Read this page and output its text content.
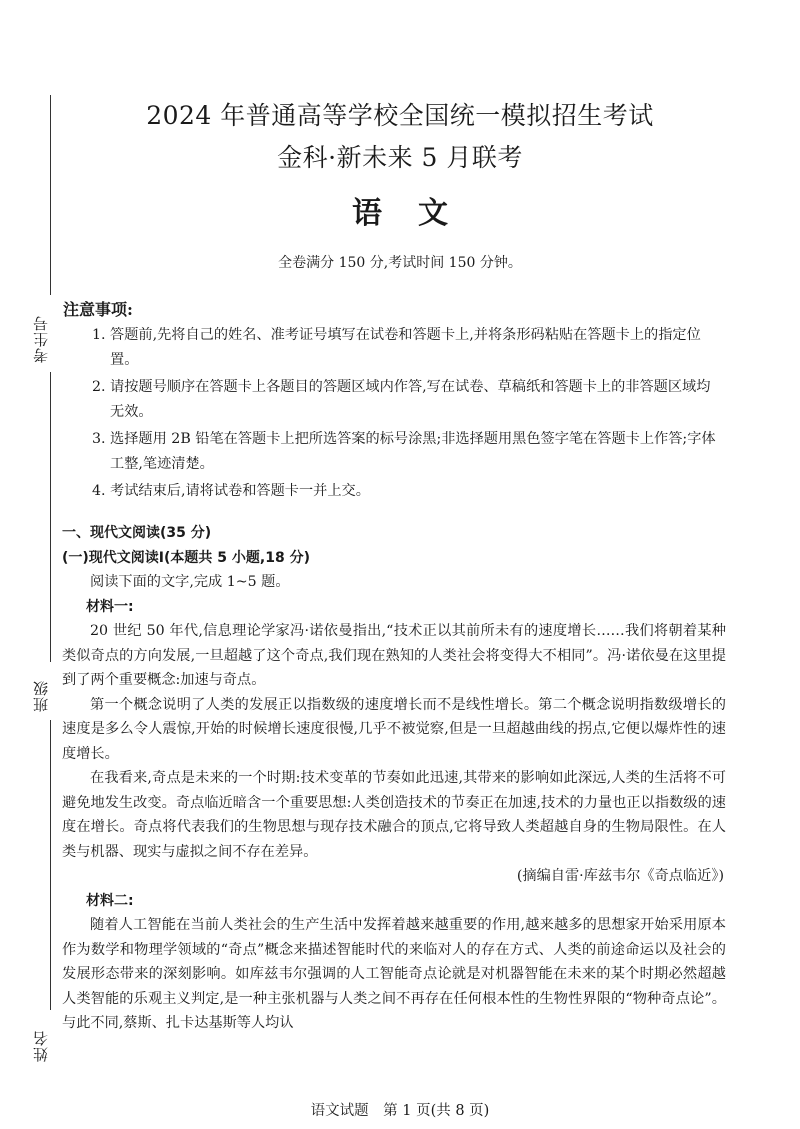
考生号
班级
姓名
2024 年普通高等学校全国统一模拟招生考试
金科·新未来 5 月联考
语文
全卷满分 150 分,考试时间 150 分钟。
注意事项:

1. 答题前,先将自己的姓名、准考证号填写在试卷和答题卡上,并将条形码粘贴在答题卡上的指定位置。

2. 请按题号顺序在答题卡上各题目的答题区域内作答,写在试卷、草稿纸和答题卡上的非答题区域均无效。

3. 选择题用 2B 铅笔在答题卡上把所选答案的标号涂黑;非选择题用黑色签字笔在答题卡上作答;字体工整,笔迹清楚。

4. 考试结束后,请将试卷和答题卡一并上交。

一、现代文阅读(35 分)

(一)现代文阅读Ⅰ(本题共 5 小题,18 分)

阅读下面的文字,完成 1~5 题。

材料一:

20 世纪 50 年代,信息理论学家冯·诺依曼指出,“技术正以其前所未有的速度增长……我们将朝着某种类似奇点的方向发展,一旦超越了这个奇点,我们现在熟知的人类社会将变得大不相同”。冯·诺依曼在这里提到了两个重要概念:加速与奇点。

第一个概念说明了人类的发展正以指数级的速度增长而不是线性增长。第二个概念说明指数级增长的速度是多么令人震惊,开始的时候增长速度很慢,几乎不被觉察,但是一旦超越曲线的拐点,它便以爆炸性的速度增长。

在我看来,奇点是未来的一个时期:技术变革的节奏如此迅速,其带来的影响如此深远,人类的生活将不可避免地发生改变。奇点临近暗含一个重要思想:人类创造技术的节奏正在加速,技术的力量也正以指数级的速度在增长。奇点将代表我们的生物思想与现存技术融合的顶点,它将导致人类超越自身的生物局限性。在人类与机器、现实与虚拟之间不存在差异。

(摘编自雷·库兹韦尔《奇点临近》)

材料二:

随着人工智能在当前人类社会的生产生活中发挥着越来越重要的作用,越来越多的思想家开始采用原本作为数学和物理学领域的“奇点”概念来描述智能时代的来临对人的存在方式、人类的前途命运以及社会的发展形态带来的深刻影响。如库兹韦尔强调的人工智能奇点论就是对机器智能在未来的某个时期必然超越人类智能的乐观主义判定,是一种主张机器与人类之间不再存在任何根本性的生物性界限的“物种奇点论”。与此不同,蔡斯、扎卡达基斯等人均认

语文试题　第 1 页(共 8 页)
